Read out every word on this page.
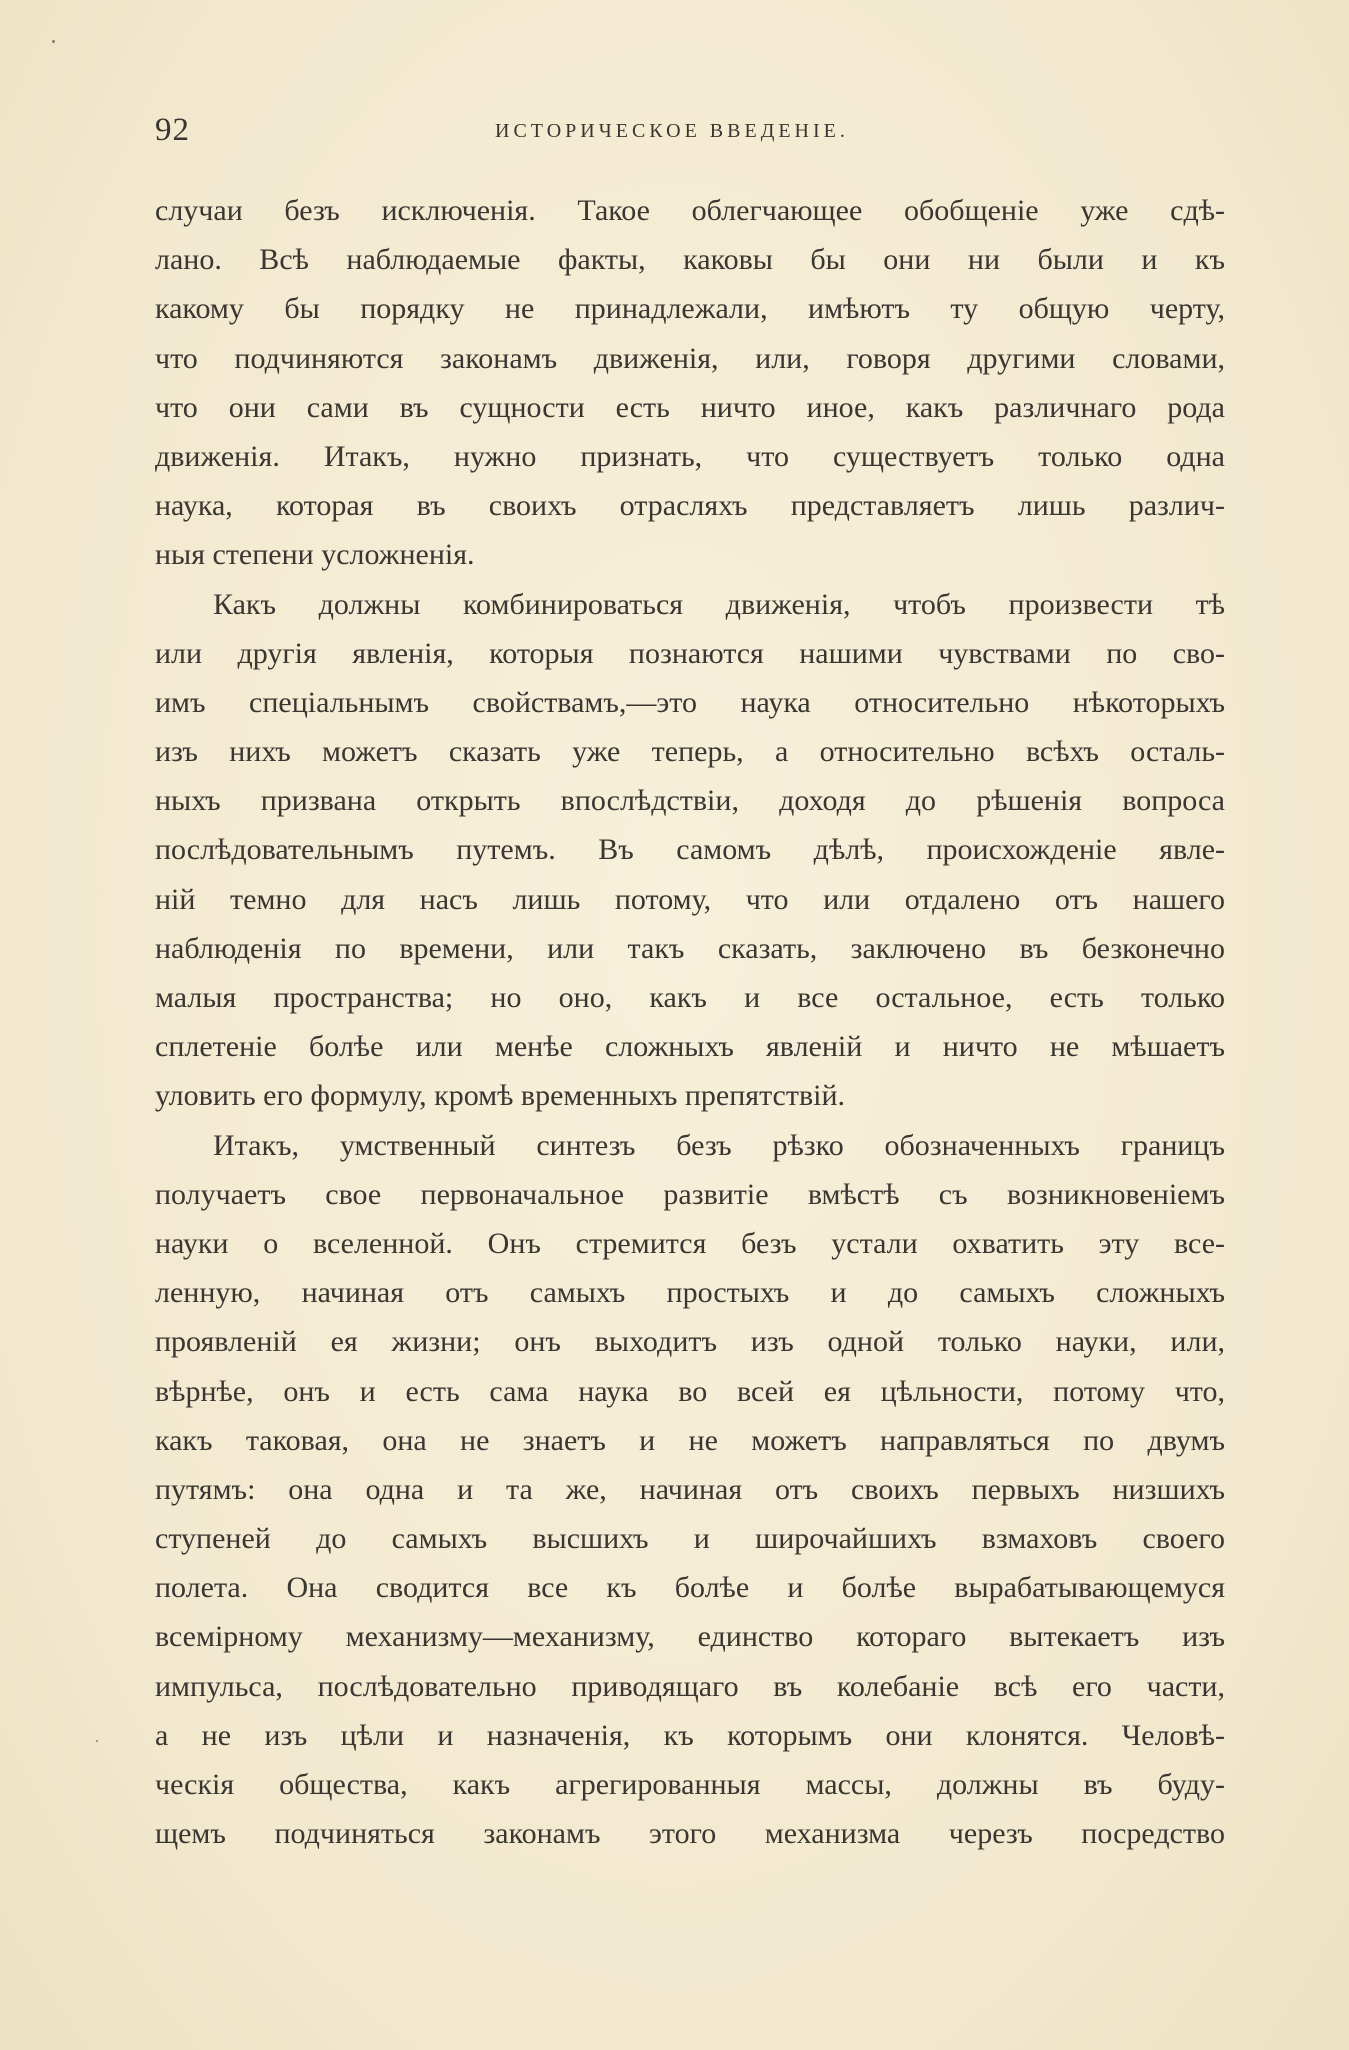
92	ИСТОРИЧЕСКОЕ ВВЕДЕНІЕ.
случаи безъ исключенія. Такое облегчающее обобщеніе уже сдѣ-
лано. Всѣ наблюдаемые факты, каковы бы они ни были и къ
какому бы порядку не принадлежали, имѣютъ ту общую черту,
что подчиняются законамъ движенія, или, говоря другими словами,
что они сами въ сущности есть ничто иное, какъ различнаго рода
движенія. Итакъ, нужно признать, что существуетъ только одна
наука, которая въ своихъ отрасляхъ представляетъ лишь различ-
ныя степени усложненія.
Какъ должны комбинироваться движенія, чтобъ произвести тѣ
или другія явленія, которыя познаются нашими чувствами по сво-
имъ спеціальнымъ свойствамъ,—это наука относительно нѣкоторыхъ
изъ нихъ можетъ сказать уже теперь, а относительно всѣхъ осталь-
ныхъ призвана открыть впослѣдствіи, доходя до рѣшенія вопроса
послѣдовательнымъ путемъ. Въ самомъ дѣлѣ, происхожденіе явле-
ній темно для насъ лишь потому, что или отдалено отъ нашего
наблюденія по времени, или такъ сказать, заключено въ безконечно
малыя пространства; но оно, какъ и все остальное, есть только
сплетеніе болѣе или менѣе сложныхъ явленій и ничто не мѣшаетъ
уловить его формулу, кромѣ временныхъ препятствій.
Итакъ, умственный синтезъ безъ рѣзко обозначенныхъ границъ
получаетъ свое первоначальное развитіе вмѣстѣ съ возникновеніемъ
науки о вселенной. Онъ стремится безъ устали охватить эту все-
ленную, начиная отъ самыхъ простыхъ и до самыхъ сложныхъ
проявленій ея жизни; онъ выходитъ изъ одной только науки, или,
вѣрнѣе, онъ и есть сама наука во всей ея цѣльности, потому что,
какъ таковая, она не знаетъ и не можетъ направляться по двумъ
путямъ: она одна и та же, начиная отъ своихъ первыхъ низшихъ
ступеней до самыхъ высшихъ и широчайшихъ взмаховъ своего
полета. Она сводится все къ болѣе и болѣе вырабатывающемуся
всемірному механизму—механизму, единство котораго вытекаетъ изъ
импульса, послѣдовательно приводящаго въ колебаніе всѣ его части,
а не изъ цѣли и назначенія, къ которымъ они клонятся. Человѣ-
ческія общества, какъ агрегированныя массы, должны въ буду-
щемъ подчиняться законамъ этого механизма черезъ посредство
